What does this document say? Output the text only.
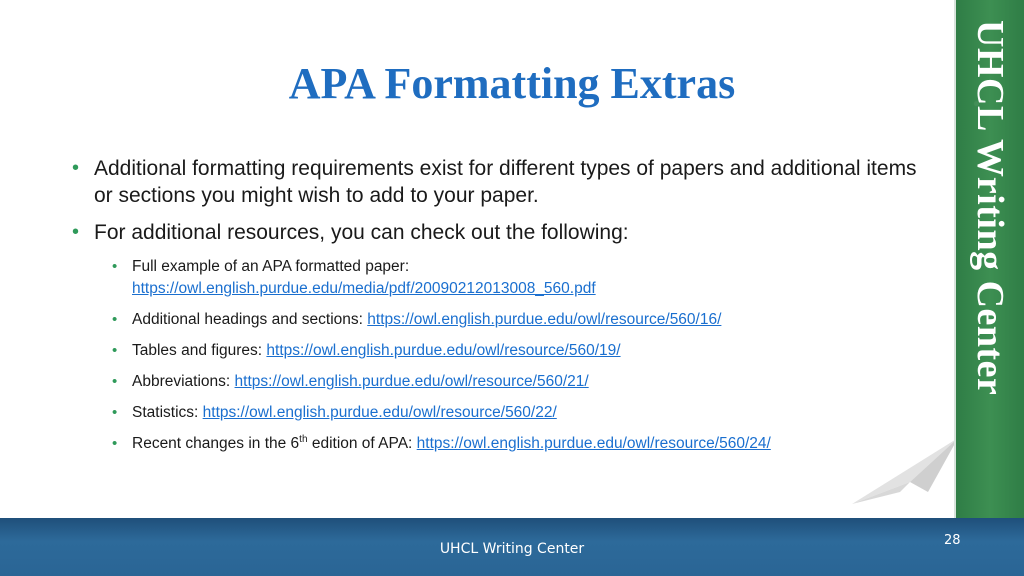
APA Formatting Extras
• Additional formatting requirements exist for different types of papers and additional items or sections you might wish to add to your paper.
• For additional resources, you can check out the following:
• Full example of an APA formatted paper:
https://owl.english.purdue.edu/media/pdf/20090212013008_560.pdf
• Additional headings and sections: https://owl.english.purdue.edu/owl/resource/560/16/
• Tables and figures: https://owl.english.purdue.edu/owl/resource/560/19/
• Abbreviations: https://owl.english.purdue.edu/owl/resource/560/21/
• Statistics: https://owl.english.purdue.edu/owl/resource/560/22/
• Recent changes in the 6th edition of APA: https://owl.english.purdue.edu/owl/resource/560/24/
UHCL Writing Center
UHCL Writing Center
28
